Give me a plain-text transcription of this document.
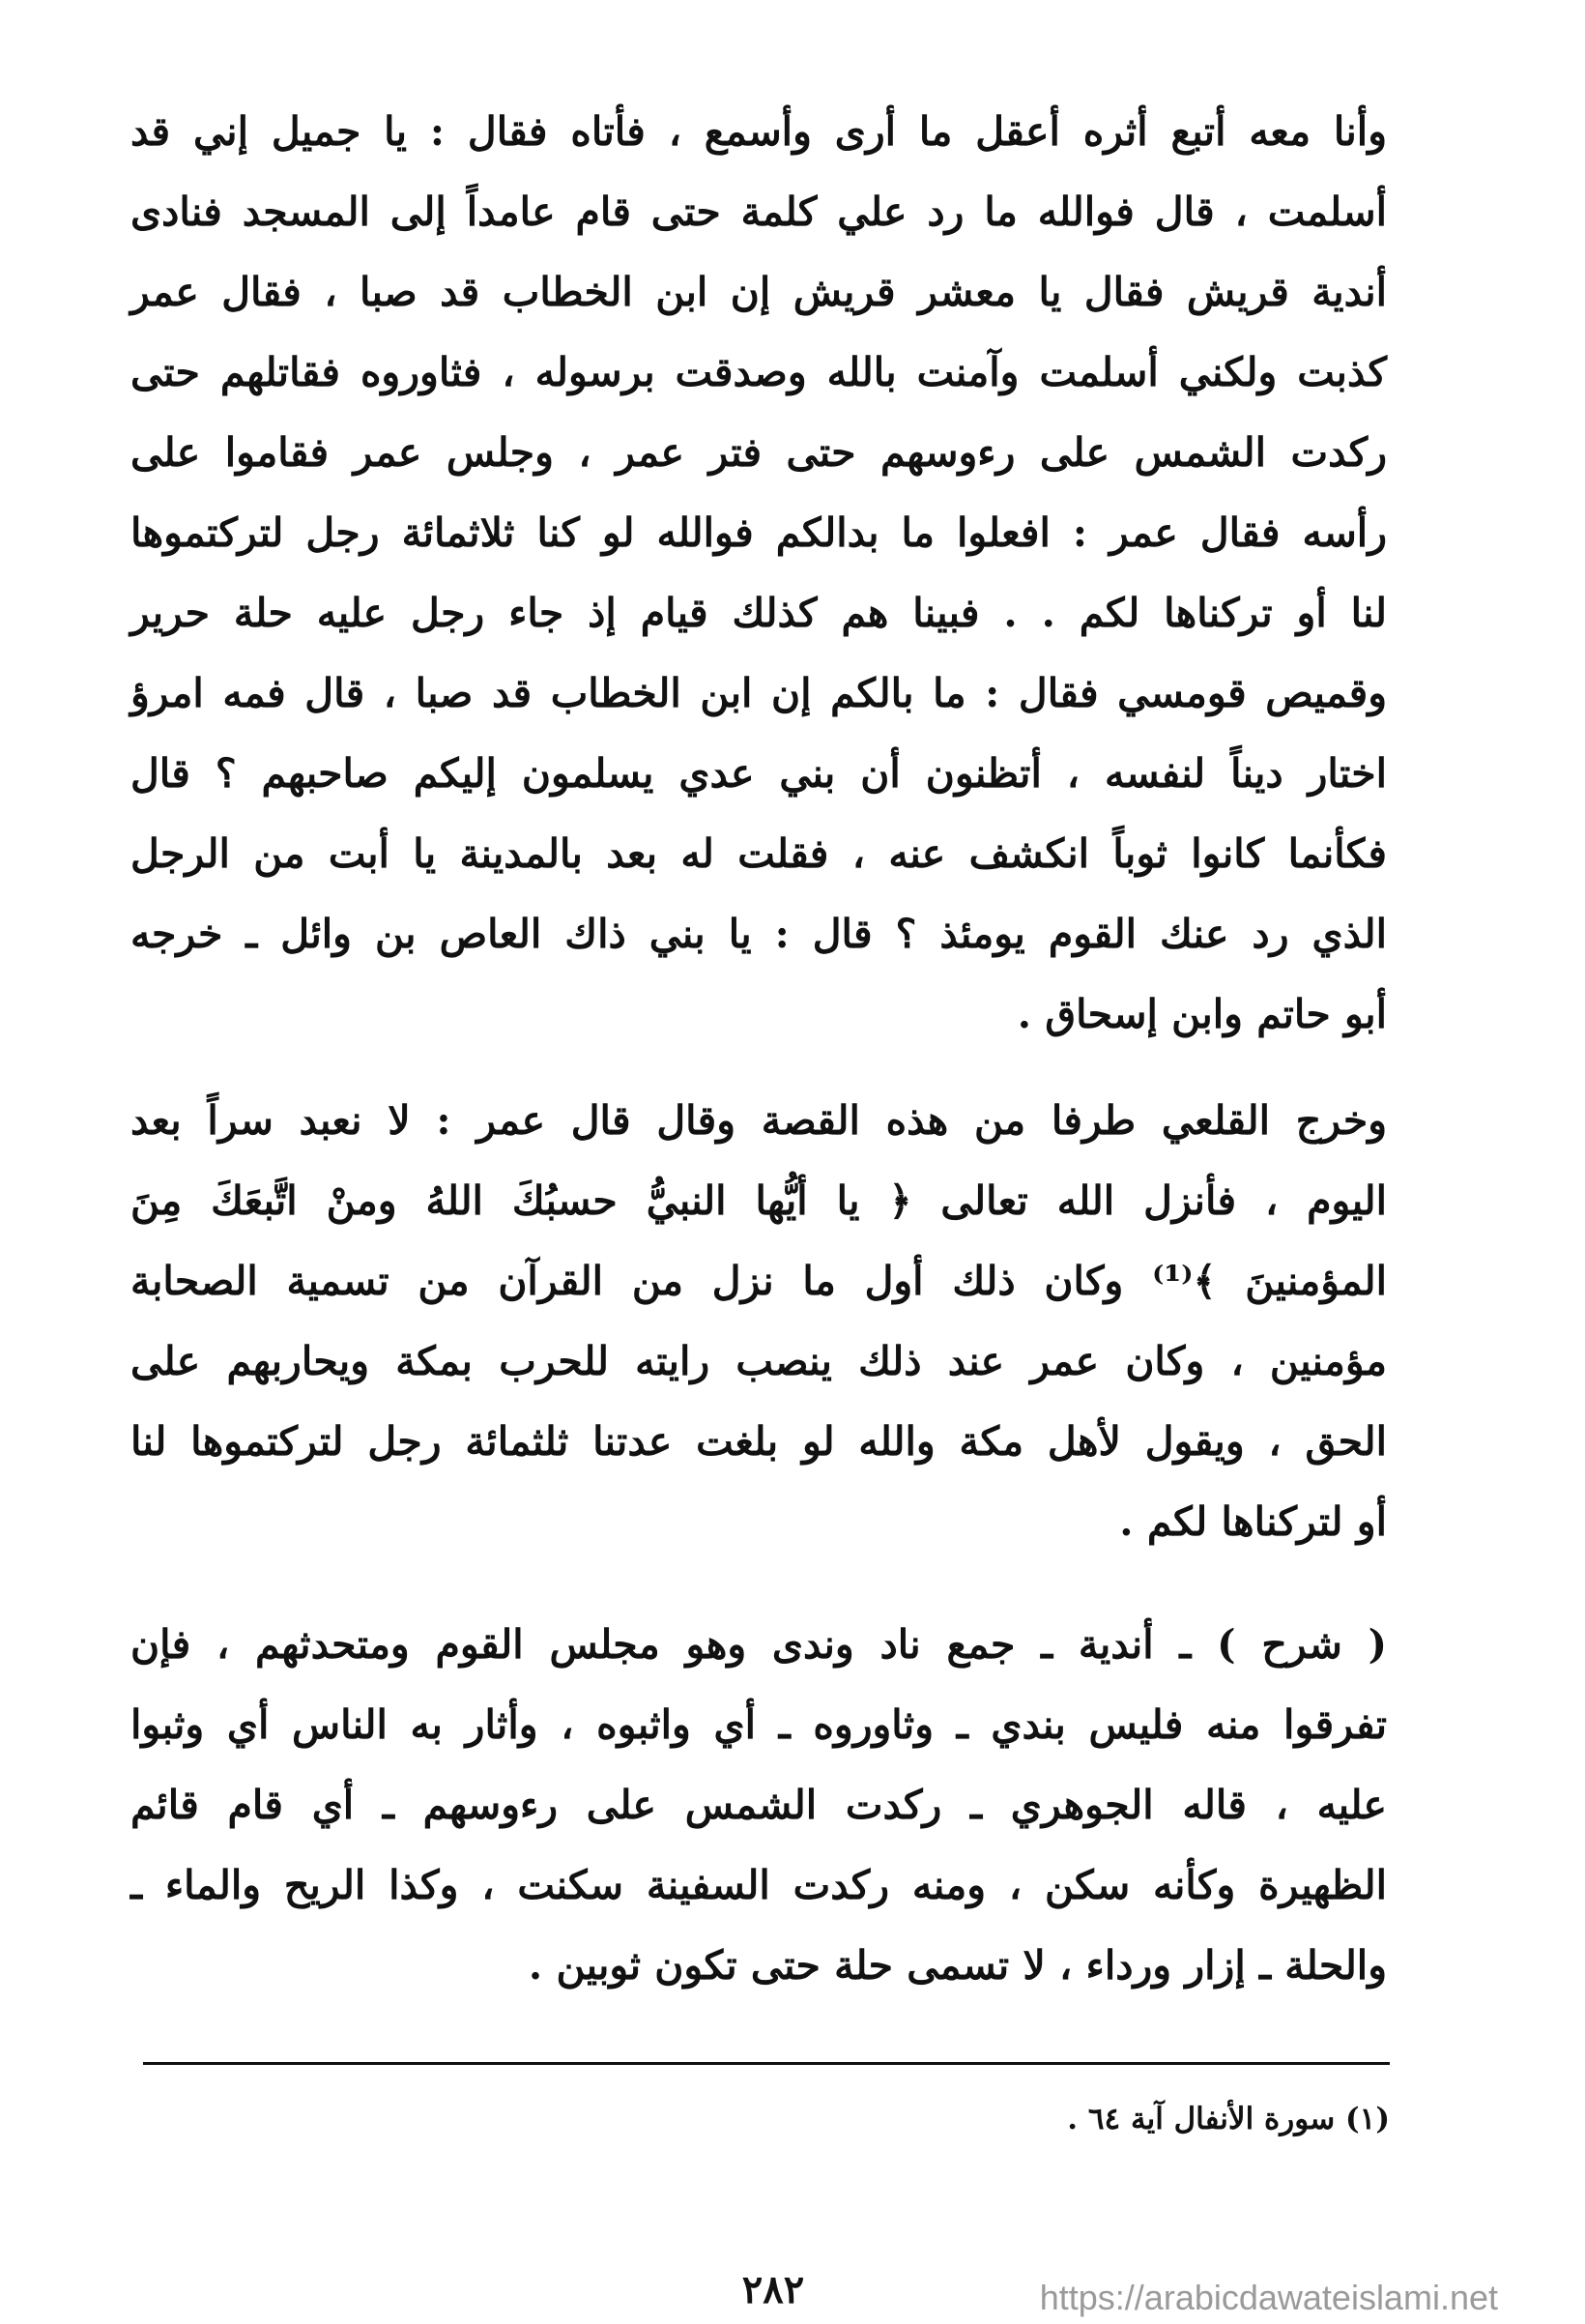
وأنا معه أتبع أثره أعقل ما أرى وأسمع ، فأتاه فقال : يا جميل إني قد
أسلمت ، قال فوالله ما رد علي كلمة حتى قام عامداً إلى المسجد فنادى
أندية قريش فقال يا معشر قريش إن ابن الخطاب قد صبا ، فقال عمر
كذبت ولكني أسلمت وآمنت بالله وصدقت برسوله ، فثاوروه فقاتلهم حتى
ركدت الشمس على رءوسهم حتى فتر عمر ، وجلس عمر فقاموا على
رأسه فقال عمر : افعلوا ما بدالكم فوالله لو كنا ثلاثمائة رجل لتركتموها
لنا أو تركناها لكم . . فبينا هم كذلك قيام إذ جاء رجل عليه حلة حرير
وقميص قومسي فقال : ما بالكم إن ابن الخطاب قد صبا ، قال فمه امرؤ
اختار ديناً لنفسه ، أتظنون أن بني عدي يسلمون إليكم صاحبهم ؟ قال
فكأنما كانوا ثوباً انكشف عنه ، فقلت له بعد بالمدينة يا أبت من الرجل
الذي رد عنك القوم يومئذ ؟ قال : يا بني ذاك العاص بن وائل ـ خرجه
أبو حاتم وابن إسحاق .
وخرج القلعي طرفا من هذه القصة وقال قال عمر : لا نعبد سراً بعد
اليوم ، فأنزل الله تعالى ﴿ يا أيُّها النبيُّ حسبُكَ اللهُ ومنْ اتَّبعَكَ مِنَ
المؤمنينَ ﴾⁽¹⁾ وكان ذلك أول ما نزل من القرآن من تسمية الصحابة
مؤمنين ، وكان عمر عند ذلك ينصب رايته للحرب بمكة ويحاربهم على
الحق ، ويقول لأهل مكة والله لو بلغت عدتنا ثلثمائة رجل لتركتموها لنا
أو لتركناها لكم .
( شرح ) ـ أندية ـ جمع ناد وندى وهو مجلس القوم ومتحدثهم ، فإن
تفرقوا منه فليس بندي ـ وثاوروه ـ أي واثبوه ، وأثار به الناس أي وثبوا
عليه ، قاله الجوهري ـ ركدت الشمس على رءوسهم ـ أي قام قائم
الظهيرة وكأنه سكن ، ومنه ركدت السفينة سكنت ، وكذا الريح والماء ـ
والحلة ـ إزار ورداء ، لا تسمى حلة حتى تكون ثوبين .
(١) سورة الأنفال آية ٦٤ .
٢٨٢	https://arabicdawateislami.net
